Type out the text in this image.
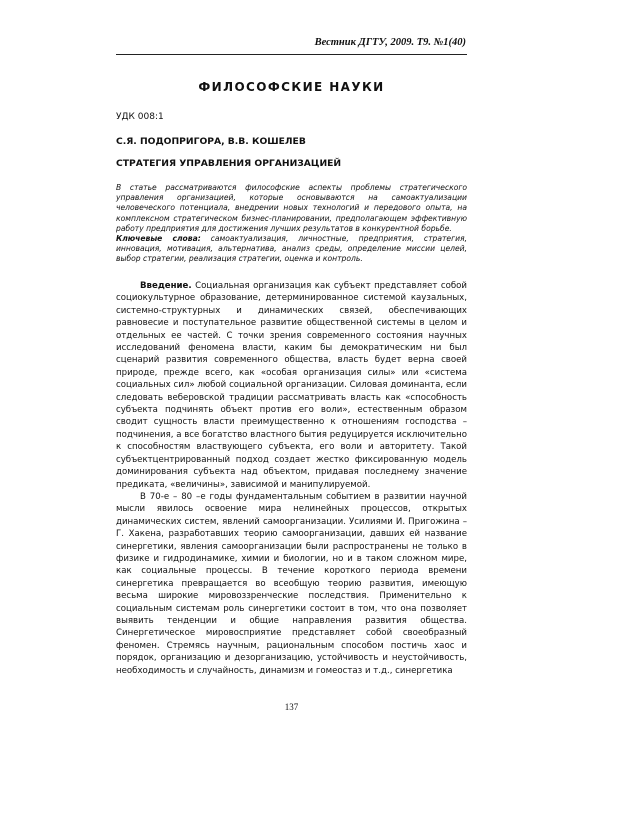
Вестник ДГТУ, 2009. Т9. №1(40)
ФИЛОСОФСКИЕ НАУКИ
УДК 008:1
С.Я. ПОДОПРИГОРА, В.В. КОШЕЛЕВ
СТРАТЕГИЯ УПРАВЛЕНИЯ ОРГАНИЗАЦИЕЙ
В статье рассматриваются философские аспекты проблемы стратегического управления организацией, которые основываются на самоактуализации человеческого потенциала, внедрении новых технологий и передового опыта, на комплексном стратегическом бизнес-планировании, предполагающем эффективную работу предприятия для достижения лучших результатов в конкурентной борьбе.
Ключевые слова: самоактуализация, личностные, предприятия, стратегия, инновация, мотивация, альтернатива, анализ среды, определение миссии целей, выбор стратегии, реализация стратегии, оценка и контроль.

Введение. Социальная организация как субъект представляет собой социокультурное образование, детерминированное системой каузальных, системно-структурных и динамических связей, обеспечивающих равновесие и поступательное развитие общественной системы в целом и отдельных ее частей. С точки зрения современного состояния научных исследований феномена власти, каким бы демократическим ни был сценарий развития современного общества, власть будет верна своей природе, прежде всего, как «особая организация силы» или «система социальных сил» любой социальной организации. Силовая доминанта, если следовать веберовской традиции рассматривать власть как «способность субъекта подчинять объект против его воли», естественным образом сводит сущность власти преимущественно к отношениям господства – подчинения, а все богатство властного бытия редуцируется исключительно к способностям властвующего субъекта, его воли и авторитету. Такой субъектцентрированный подход создает жестко фиксированную модель доминирования субъекта над объектом, придавая последнему значение предиката, «величины», зависимой и манипулируемой.

В 70-е – 80 –е годы фундаментальным событием в развитии научной мысли явилось освоение мира нелинейных процессов, открытых динамических систем, явлений самоорганизации. Усилиями И. Пригожина – Г. Хакена, разработавших теорию самоорганизации, давших ей название синергетики, явления самоорганизации были распространены не только в физике и гидродинамике, химии и биологии, но и в таком сложном мире, как социальные процессы. В течение короткого периода времени синергетика превращается во всеобщую теорию развития, имеющую весьма широкие мировоззренческие последствия. Применительно к социальным системам роль синергетики состоит в том, что она позволяет выявить тенденции и общие направления развития общества. Синергетическое мировосприятие представляет собой своеобразный феномен. Стремясь научным, рациональным способом постичь хаос и порядок, организацию и дезорганизацию, устойчивость и неустойчивость, необходимость и случайность, динамизм и гомеостаз и т.д., синергетика

137
